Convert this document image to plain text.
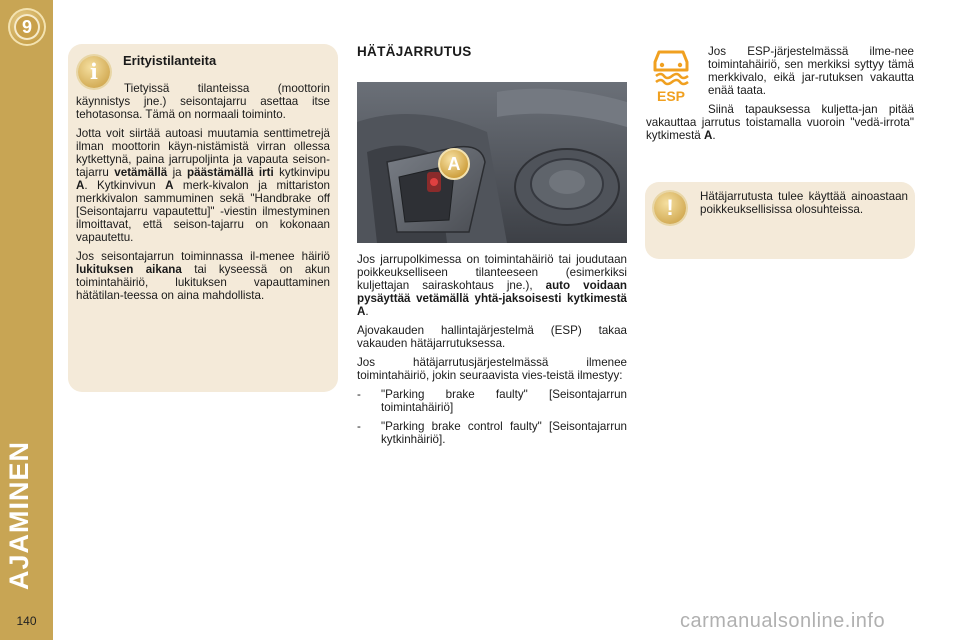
9
AJAMINEN
140
i	Erityistilanteita

Tietyissä tilanteissa (moottorin käynnistys jne.) seisontajarru asettaa itse tehotasonsa. Tämä on normaali toiminto.

Jotta voit siirtää autoasi muutamia senttimetrejä ilman moottorin käyn-nistämistä virran ollessa kytkettynä, paina jarrupoljinta ja vapauta seison-tajarru vetämällä ja päästämällä irti kytkinvipu A. Kytkinvivun A merk-kivalon ja mittariston merkkivalon sammuminen sekä "Handbrake off [Seisontajarru vapautettu]" -viestin ilmestyminen ilmoittavat, että seison-tajarru on kokonaan vapautettu.

Jos seisontajarrun toiminnassa il-menee häiriö lukituksen aikana tai kyseessä on akun toimintahäiriö, lukituksen vapauttaminen hätätilan-teessa on aina mahdollista.

HÄTÄJARRUTUS
A

Jos jarrupolkimessa on toimintahäiriö tai joudutaan poikkeukselliseen tilanteeseen (esimerkiksi kuljettajan sairaskohtaus jne.), auto voidaan pysäyttää vetämällä yhtä-jaksoisesti kytkimestä A.

Ajovakauden hallintajärjestelmä (ESP) takaa vakauden hätäjarrutuksessa.

Jos hätäjarrutusjärjestelmässä ilmenee toimintahäiriö, jokin seuraavista vies-teistä ilmestyy:

-	"Parking brake faulty" [Seisontajarrun toimintahäiriö]
-	"Parking brake control faulty" [Seisontajarrun kytkinhäiriö].
ESP

Jos ESP-järjestelmässä ilme-nee toimintahäiriö, sen merkiksi syttyy tämä merkkivalo, eikä jar-rutuksen vakautta enää taata.

Siinä tapauksessa kuljetta-jan pitää vakauttaa jarrutus toistamalla vuoroin "vedä-irrota" kytkimestä A.

!	Hätäjarrutusta tulee käyttää ainoastaan poikkeuksellisissa olosuhteissa.

carmanualsonline.info
